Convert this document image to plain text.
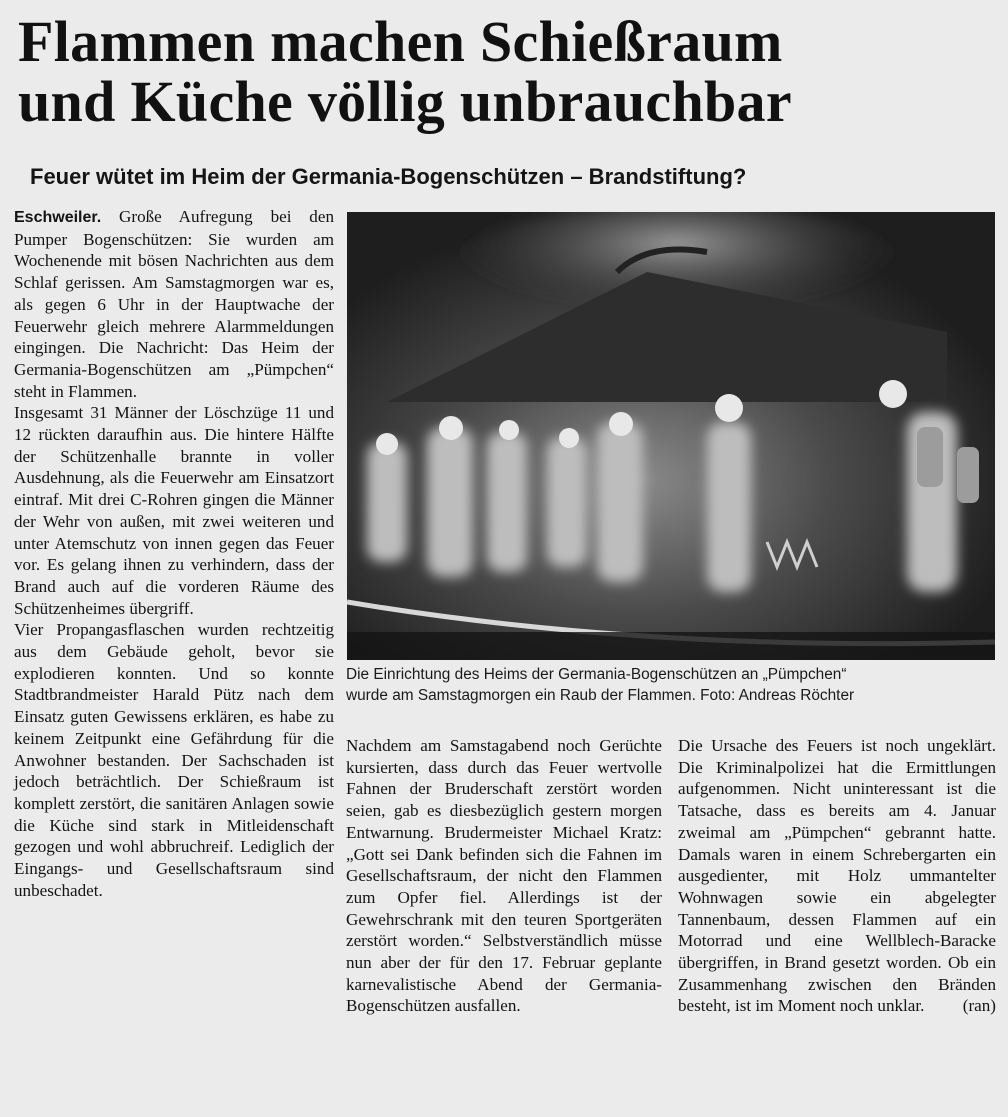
Flammen machen Schießraum
und Küche völlig unbrauchbar
Feuer wütet im Heim der Germania-Bogenschützen – Brandstiftung?

Eschweiler. Große Aufregung bei den Pumper Bogenschützen: Sie wurden am Wochenende mit bösen Nachrichten aus dem Schlaf gerissen. Am Samstagmorgen war es, als gegen 6 Uhr in der Hauptwache der Feuerwehr gleich mehrere Alarmmeldungen eingingen. Die Nachricht: Das Heim der Germania-Bogenschützen am „Pümpchen“ steht in Flammen.

Insgesamt 31 Männer der Löschzüge 11 und 12 rückten daraufhin aus. Die hintere Hälfte der Schützenhalle brannte in voller Ausdehnung, als die Feuerwehr am Einsatzort eintraf. Mit drei C-Rohren gingen die Männer der Wehr von außen, mit zwei weiteren und unter Atemschutz von innen gegen das Feuer vor. Es gelang ihnen zu verhindern, dass der Brand auch auf die vorderen Räume des Schützenheimes übergriff.

Vier Propangasflaschen wurden rechtzeitig aus dem Gebäude geholt, bevor sie explodieren konnten. Und so konnte Stadtbrandmeister Harald Pütz nach dem Einsatz guten Gewissens erklären, es habe zu keinem Zeitpunkt eine Gefährdung für die Anwohner bestanden. Der Sachschaden ist jedoch beträchtlich. Der Schießraum ist komplett zerstört, die sanitären Anlagen sowie die Küche sind stark in Mitleidenschaft gezogen und wohl abbruchreif. Lediglich der Eingangs- und Gesellschaftsraum sind unbeschadet.

Die Einrichtung des Heims der Germania-Bogenschützen an „Pümpchen“
wurde am Samstagmorgen ein Raub der Flammen. Foto: Andreas Röchter

Nachdem am Samstagabend noch Gerüchte kursierten, dass durch das Feuer wertvolle Fahnen der Bruderschaft zerstört worden seien, gab es diesbezüglich gestern morgen Entwarnung. Brudermeister Michael Kratz: „Gott sei Dank befinden sich die Fahnen im Gesellschaftsraum, der nicht den Flammen zum Opfer fiel. Allerdings ist der Gewehrschrank mit den teuren Sportgeräten zerstört worden.“ Selbstverständlich müsse nun aber der für den 17. Februar geplante karnevalistische Abend der Germania-Bogenschützen ausfallen.

Die Ursache des Feuers ist noch ungeklärt. Die Kriminalpolizei hat die Ermittlungen aufgenommen. Nicht uninteressant ist die Tatsache, dass es bereits am 4. Januar zweimal am „Pümpchen“ gebrannt hatte. Damals waren in einem Schrebergarten ein ausgedienter, mit Holz ummantelter Wohnwagen sowie ein abgelegter Tannenbaum, dessen Flammen auf ein Motorrad und eine Wellblech-Baracke übergriffen, in Brand gesetzt worden. Ob ein Zusammenhang zwischen den Bränden besteht, ist im Moment noch unklar. (ran)
